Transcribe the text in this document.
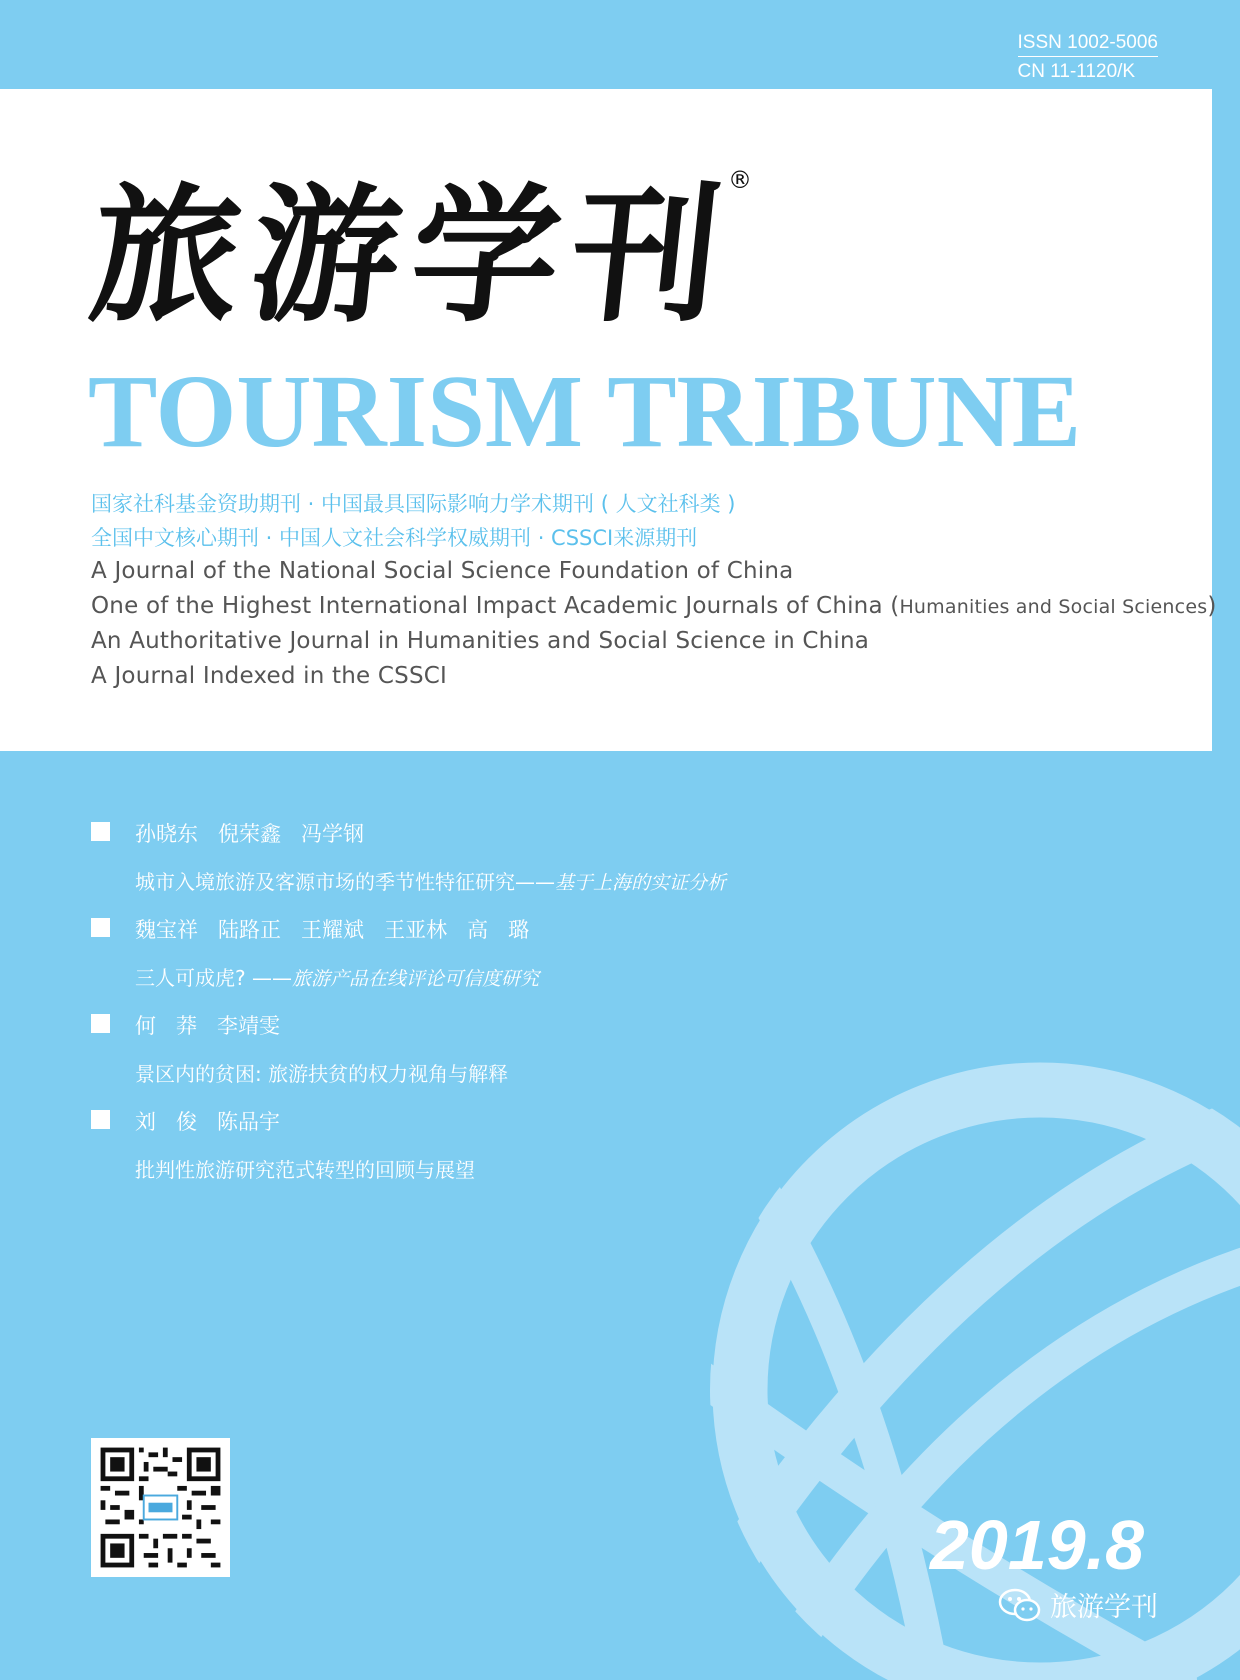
ISSN 1002-5006
CN 11-1120/K
旅
游
学
刊
®
TOURISM TRIBUNE
国家社科基金资助期刊 · 中国最具国际影响力学术期刊 ( 人文社科类 )
全国中文核心期刊 · 中国人文社会科学权威期刊 · CSSCI来源期刊
A Journal of the National Social Science Foundation of China
One of the Highest International Impact Academic Journals of China (Humanities and Social Sciences)
An Authoritative Journal in Humanities and Social Science in China
A Journal Indexed in the CSSCI
孙晓东   倪荣鑫   冯学钢
城市入境旅游及客源市场的季节性特征研究——基于上海的实证分析
魏宝祥   陆路正   王耀斌   王亚林   高   璐
三人可成虎? ——旅游产品在线评论可信度研究
何   莽   李靖雯
景区内的贫困: 旅游扶贫的权力视角与解释
刘   俊   陈品宇
批判性旅游研究范式转型的回顾与展望
2019.8
旅游学刊
